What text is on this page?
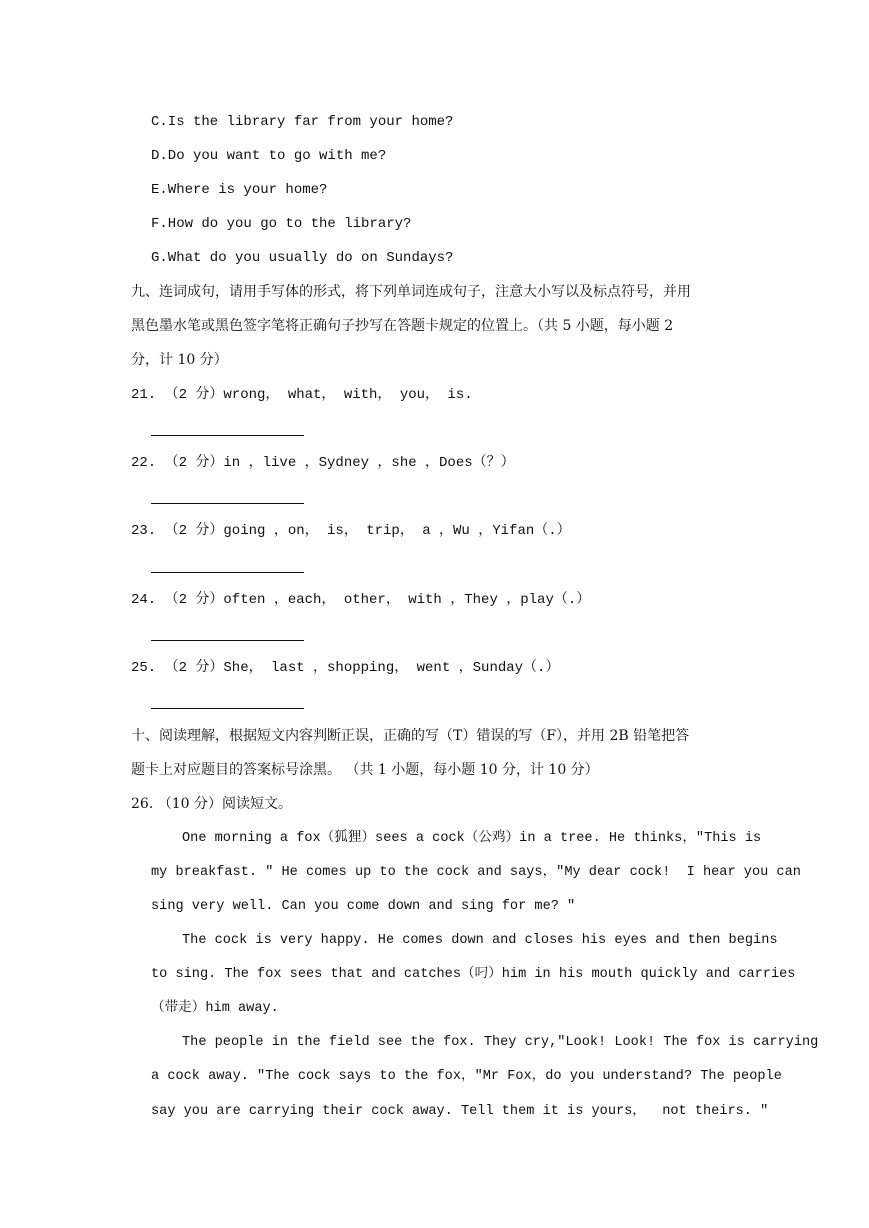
C.Is the library far from your home?
D.Do you want to go with me?
E.Where is your home?
F.How do you go to the library?
G.What do you usually do on Sundays?
九、连词成句，请用手写体的形式，将下列单词连成句子，注意大小写以及标点符号，并用
黑色墨水笔或黑色签字笔将正确句子抄写在答题卡规定的位置上。（共 5 小题，每小题 2
分，计 10 分）
21. （2 分）wrong， what， with， you， is.
22. （2 分）in ，live ，Sydney ，she ，Does（？）
23. （2 分）going ，on， is， trip， a ，Wu ，Yifan（.）
24. （2 分）often ，each， other， with ，They ，play（.）
25. （2 分）She， last ，shopping， went ，Sunday（.）
十、阅读理解，根据短文内容判断正误，正确的写（T）错误的写（F），并用 2B 铅笔把答
题卡上对应题目的答案标号涂黑。 （共 1 小题，每小题 10 分，计 10 分）
26. （10 分）阅读短文。
One morning a fox（狐狸）sees a cock（公鸡）in a tree. He thinks，"This is
my breakfast. " He comes up to the cock and says，"My dear cock!  I hear you can
sing very well. Can you come down and sing for me? "
The cock is very happy. He comes down and closes his eyes and then begins
to sing. The fox sees that and catches（叼）him in his mouth quickly and carries
（带走）him away.
The people in the field see the fox. They cry,"Look! Look! The fox is carrying
a cock away. "The cock says to the fox，"Mr Fox，do you understand? The people
say you are carrying their cock away. Tell them it is yours，  not theirs. "
